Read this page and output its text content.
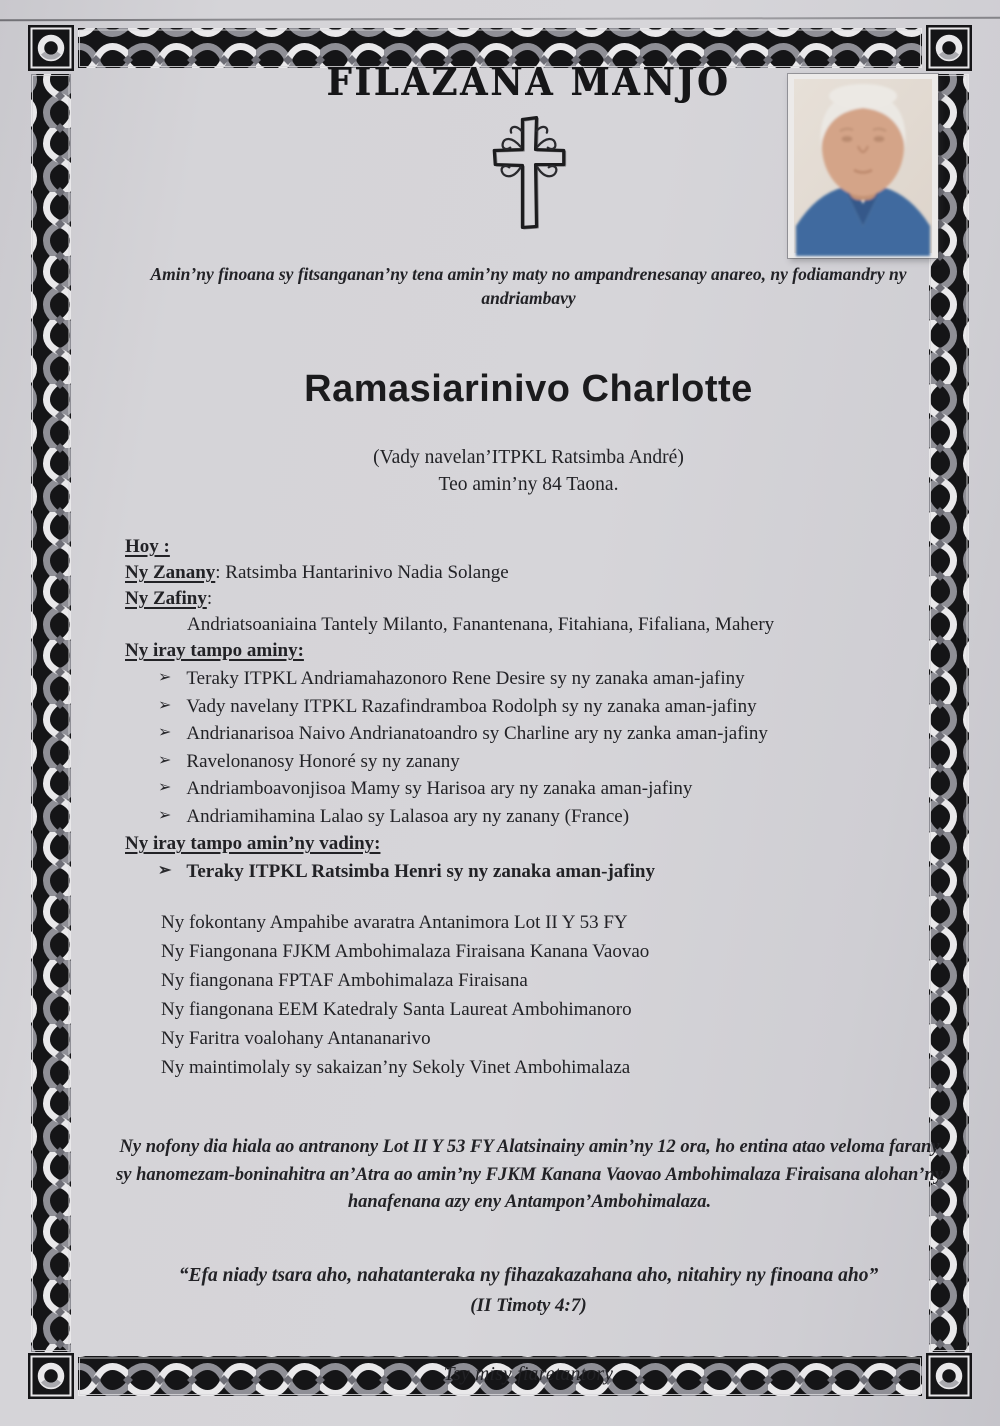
FILAZANA MANJO
Amin’ny finoana sy fitsanganan’ny tena amin’ny maty no ampandrenesanay anareo, ny fodiamandry ny andriambavy
Ramasiarinivo Charlotte
(Vady navelan’ITPKL Ratsimba André)
Teo amin’ny 84 Taona.
Hoy :
Ny Zanany: Ratsimba Hantarinivo Nadia Solange
Ny Zafiny:
Andriatsoaniaina Tantely Milanto, Fanantenana, Fitahiana, Fifaliana, Mahery
Ny iray tampo aminy:
➢ Teraky ITPKL Andriamahazonoro Rene Desire sy ny zanaka aman-jafiny
➢ Vady navelany ITPKL Razafindramboa Rodolph sy ny zanaka aman-jafiny
➢ Andrianarisoa Naivo Andrianatoandro sy Charline ary ny zanka aman-jafiny
➢ Ravelonanosy Honoré sy ny zanany
➢ Andriamboavonjisoa Mamy sy Harisoa ary ny zanaka aman-jafiny
➢ Andriamihamina Lalao sy Lalasoa ary ny zanany (France)
Ny iray tampo amin’ny vadiny:
➢ Teraky ITPKL Ratsimba Henri sy ny zanaka aman-jafiny
Ny fokontany Ampahibe avaratra Antanimora Lot II Y 53 FY
Ny Fiangonana FJKM Ambohimalaza Firaisana Kanana Vaovao
Ny fiangonana FPTAF Ambohimalaza Firaisana
Ny fiangonana EEM Katedraly Santa Laureat Ambohimanoro
Ny Faritra voalohany Antananarivo
Ny maintimolaly sy sakaizan’ny Sekoly Vinet Ambohimalaza
Ny nofony dia hiala ao antranony Lot II Y 53 FY Alatsinainy amin’ny 12 ora, ho entina atao veloma farany sy hanomezam-boninahitra an’Atra ao amin’ny FJKM Kanana Vaovao Ambohimalaza Firaisana alohan’ny hanafenana azy eny Antampon’Ambohimalaza.
“Efa niady tsara aho, nahatanteraka ny fihazakazahana aho, nitahiry ny finoana aho”
(II Timoty 4:7)
Tsy misy fiaretantory
